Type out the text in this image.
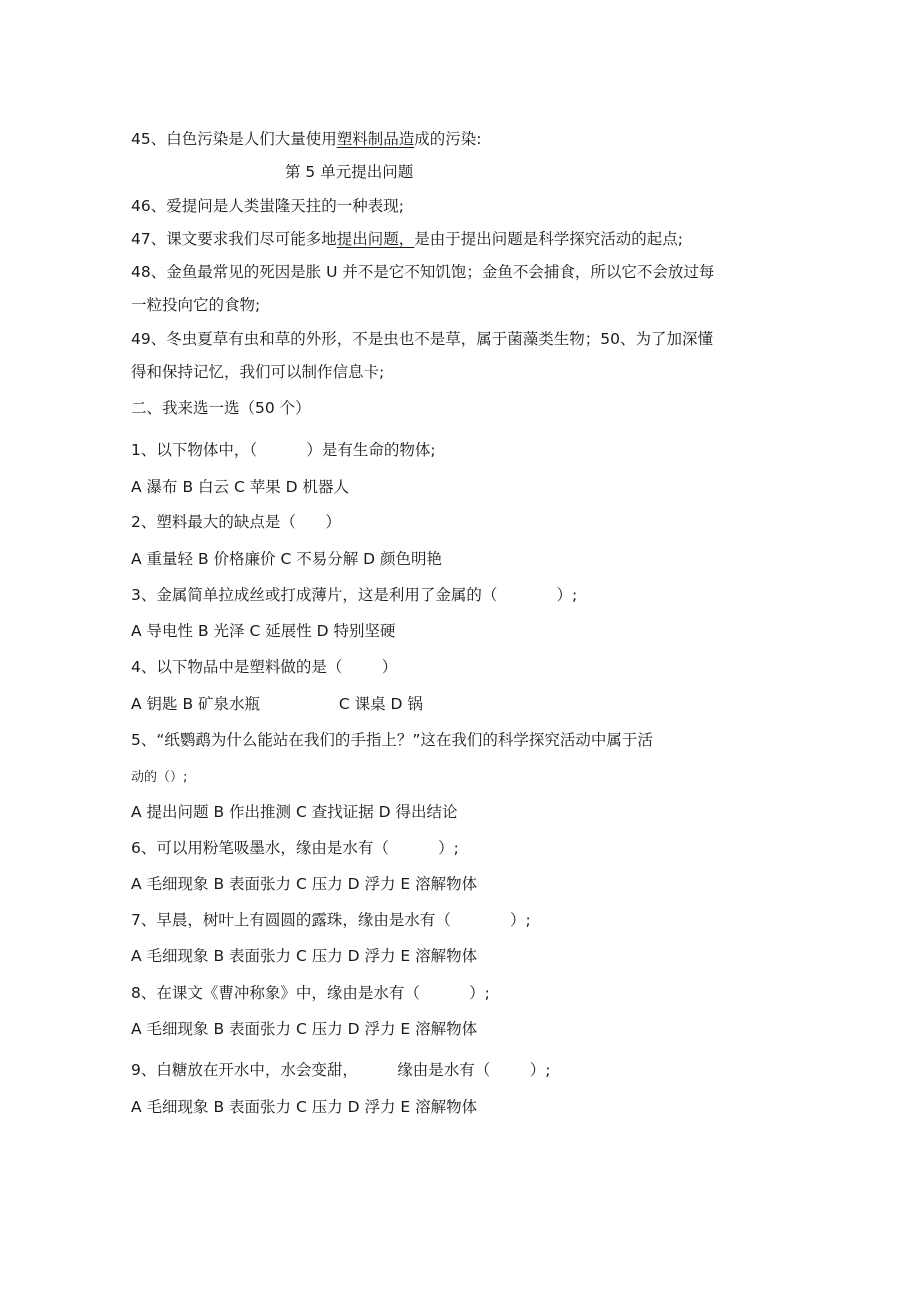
45、白色污染是人们大量使用塑料制品造成的污染:
第 5 单元提出问题
46、爱提问是人类蚩隆天拄的一种表现;
47、课文要求我们尽可能多地提出问题，是由于提出问题是科学探究活动的起点;
48、金鱼最常见的死因是胀 U 并不是它不知饥饱；金鱼不会捕食，所以它不会放过每
一粒投向它的食物;
49、冬虫夏草有虫和草的外形，不是虫也不是草，属于菌藻类生物；50、为了加深懂
得和保持记忆，我们可以制作信息卡;
二、我来选一选（50 个）
1、以下物体中，（          ）是有生命的物体;
A 瀑布 B 白云 C 苹果 D 机器人
2、塑料最大的缺点是（      ）
A 重量轻 B 价格廉价 C 不易分解 D 颜色明艳
3、金属简单拉成丝或打成薄片，这是利用了金属的（            ）;
A 导电性 B 光泽 C 延展性 D 特别坚硬
4、以下物品中是塑料做的是（        ）
A 钥匙 B 矿泉水瓶                C 课桌 D 锅
5、“纸鹦鹉为什么能站在我们的手指上？”这在我们的科学探究活动中属于活
动的（）;
A 提出问题 B 作出推测 C 查找证据 D 得出结论
6、可以用粉笔吸墨水，缘由是水有（          ）;
A 毛细现象 B 表面张力 C 压力 D 浮力 E 溶解物体
7、早晨，树叶上有圆圆的露珠，缘由是水有（            ）;
A 毛细现象 B 表面张力 C 压力 D 浮力 E 溶解物体
8、在课文《曹冲称象》中，缘由是水有（          ）;
A 毛细现象 B 表面张力 C 压力 D 浮力 E 溶解物体
9、白糖放在开水中，水会变甜，        缘由是水有（        ）;
A 毛细现象 B 表面张力 C 压力 D 浮力 E 溶解物体
